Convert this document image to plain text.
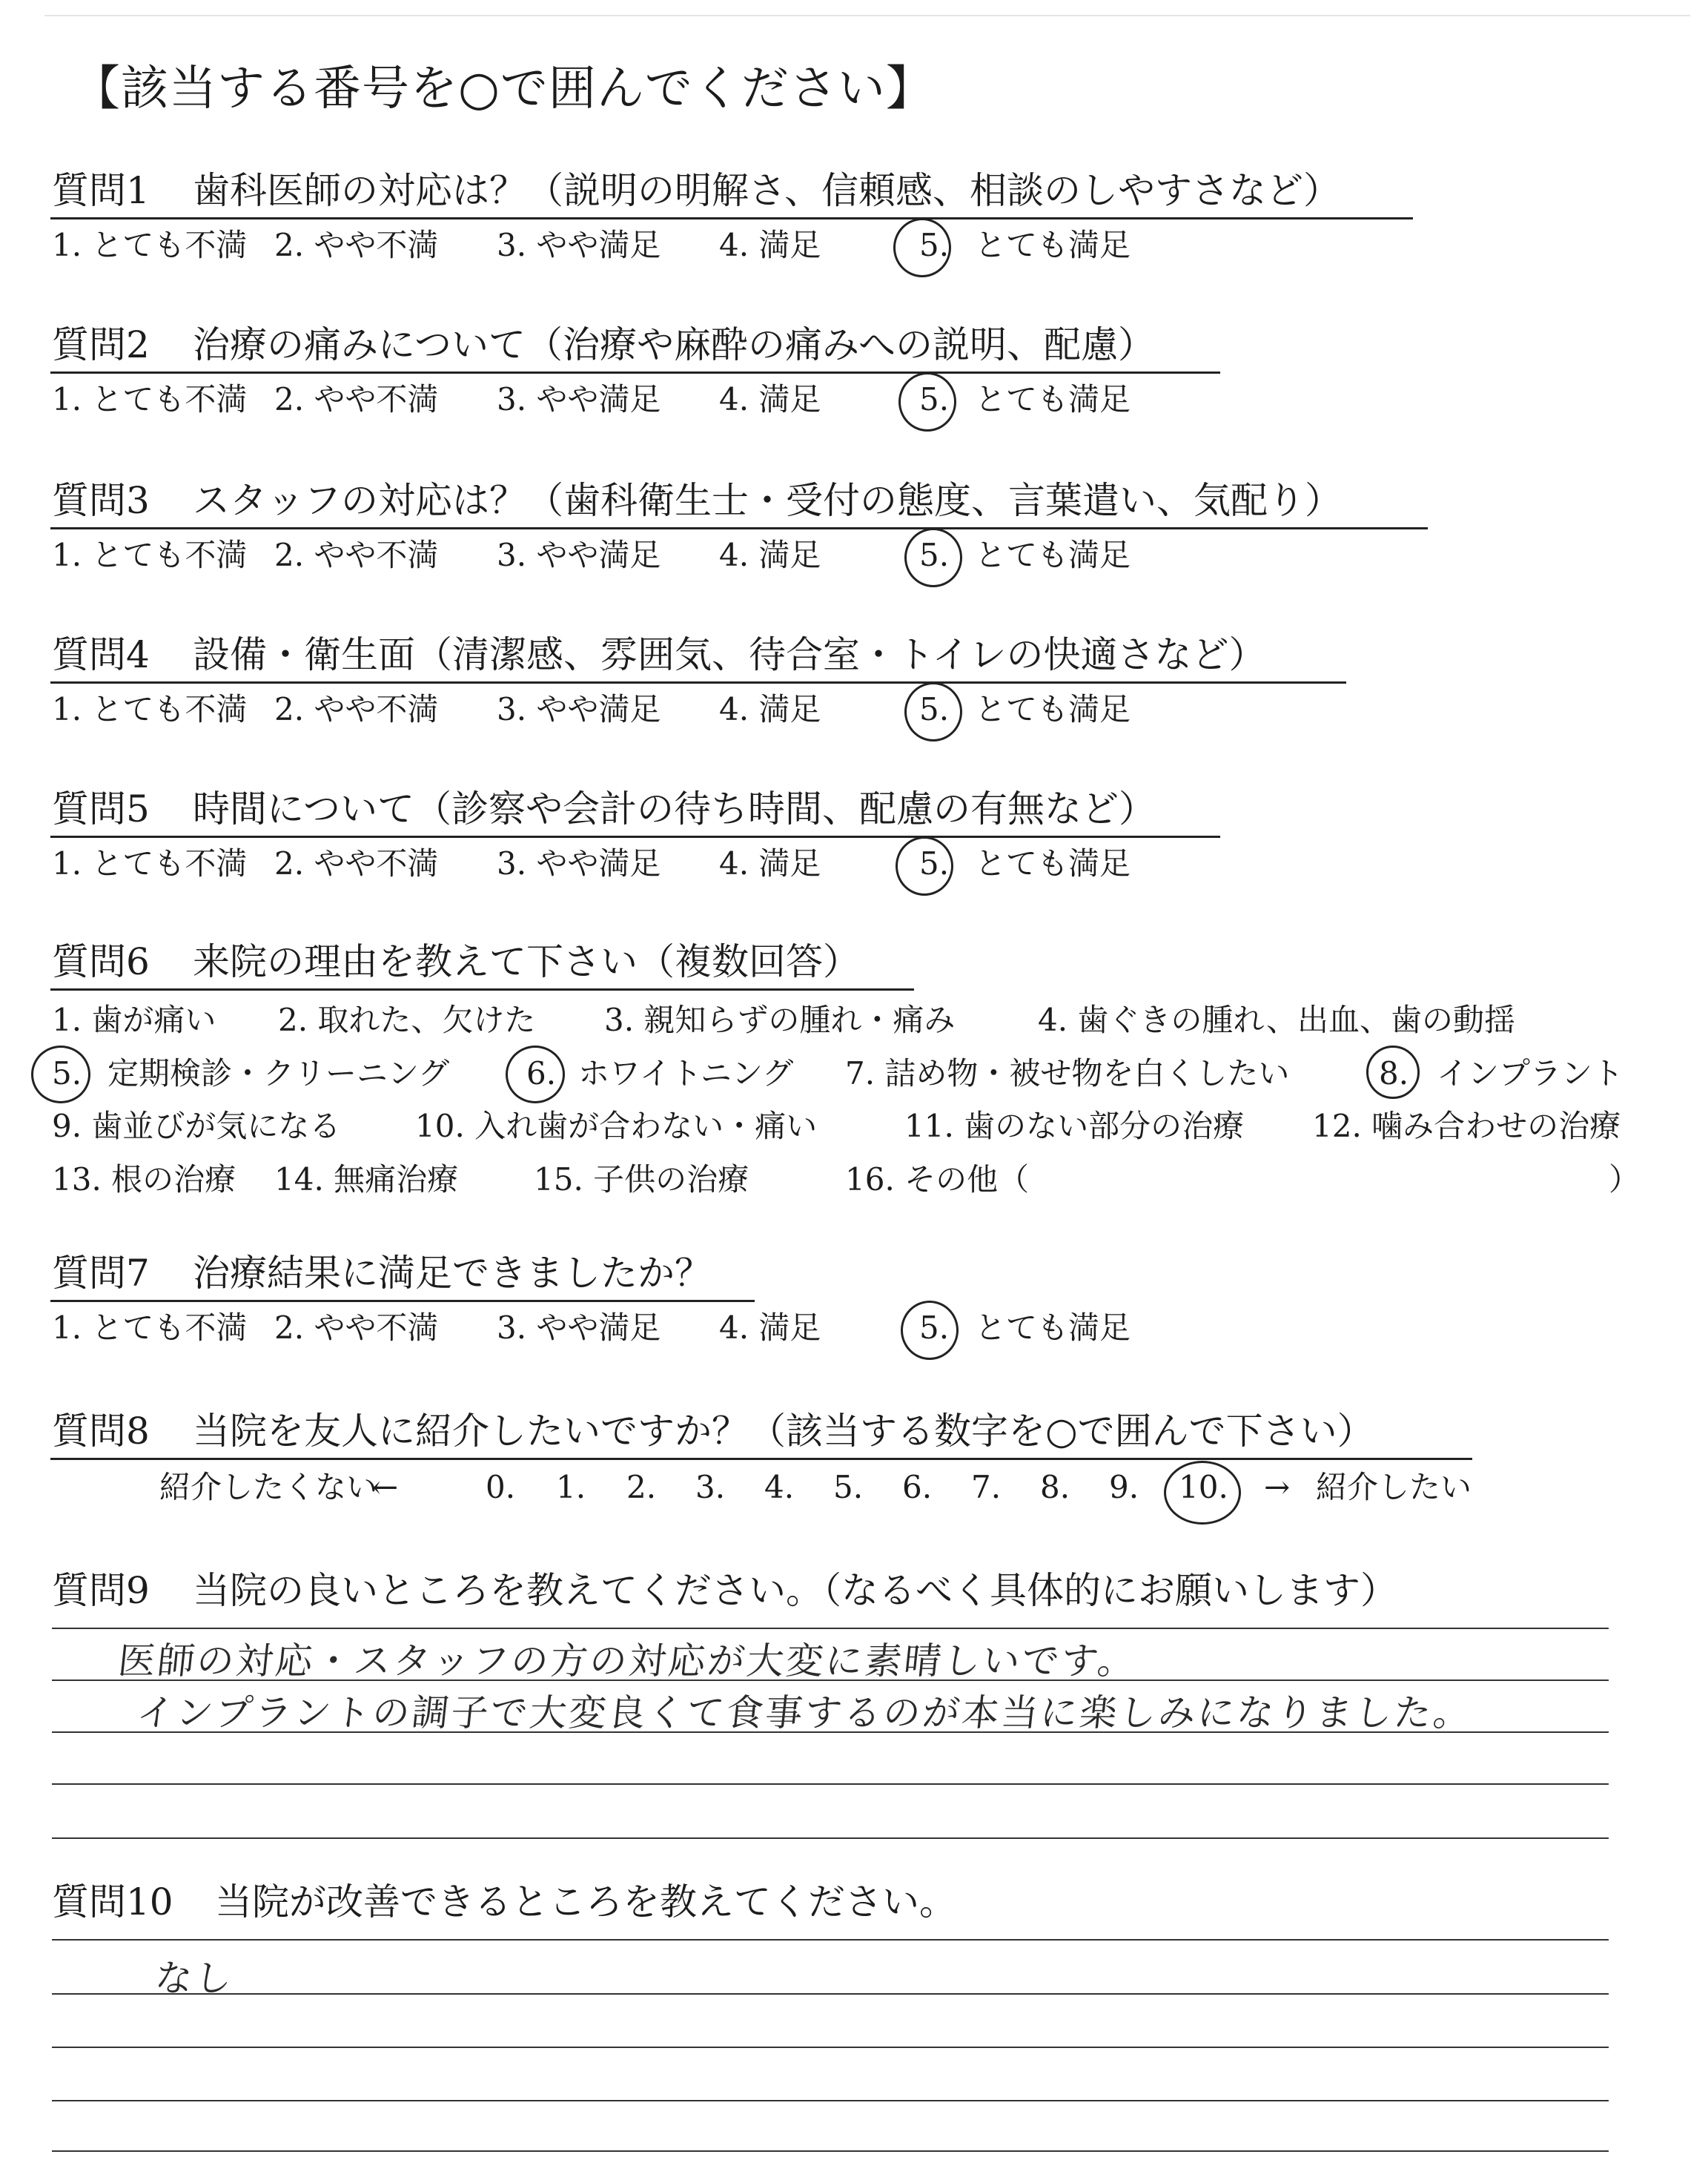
【該当する番号を○で囲んでください】
質問1 歯科医師の対応は？（説明の明解さ、信頼感、相談のしやすさなど）
1. とても不満 2. やや不満 3. やや満足 4. 満足	5. とても満足
質問2 治療の痛みについて（治療や麻酔の痛みへの説明、配慮）
1. とても不満 2. やや不満 3. やや満足 4. 満足	5. とても満足
質問3 スタッフの対応は？（歯科衛生士・受付の態度、言葉遣い、気配り）
1. とても不満 2. やや不満 3. やや満足 4. 満足	5. とても満足
質問4 設備・衛生面（清潔感、雰囲気、待合室・トイレの快適さなど）
1. とても不満 2. やや不満 3. やや満足 4. 満足	5. とても満足
質問5 時間について（診察や会計の待ち時間、配慮の有無など）
1. とても不満 2. やや不満 3. やや満足 4. 満足	5. とても満足
質問7 治療結果に満足できましたか？
1. とても不満 2. やや不満 3. やや満足 4. 満足	5. とても満足
質問6 来院の理由を教えて下さい（複数回答）
1. 歯が痛い 2. 取れた、欠けた 3. 親知らずの腫れ・痛み	4. 歯ぐきの腫れ、出血、歯の動揺
5. 定期検診・クリーニング 6. ホワイトニング 7. 詰め物・被せ物を白くしたい	8. インプラント
9. 歯並びが気になる 10. 入れ歯が合わない・痛い	11. 歯のない部分の治療 12. 噛み合わせの治療
13. 根の治療 14. 無痛治療 15. 子供の治療	16. その他（	）
質問8 当院を友人に紹介したいですか？（該当する数字を○で囲んで下さい）
紹介したくない
←	0. 1. 2. 3. 4. 5. 6. 7. 8. 9. 10. → 紹介したい
質問9 当院の良いところを教えてください。（なるべく具体的にお願いします）
医師の対応・スタッフの方の対応が大変に素晴しいです。
インプラントの調子で大変良くて食事するのが本当に楽しみになりました。
質問10 当院が改善できるところを教えてください。
なし
